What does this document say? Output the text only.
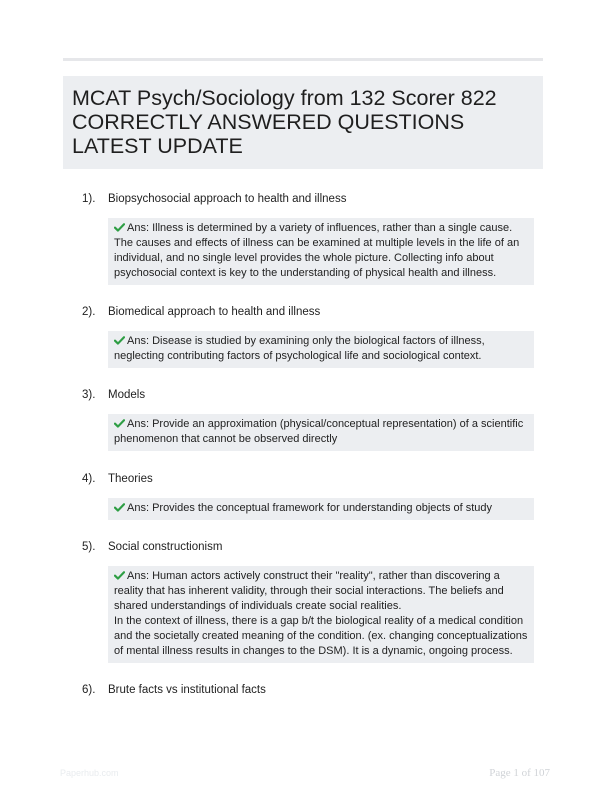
MCAT Psych/Sociology from 132 Scorer 822 CORRECTLY ANSWERED QUESTIONS LATEST UPDATE
1). Biopsychosocial approach to health and illness
Ans: Illness is determined by a variety of influences, rather than a single cause. The causes and effects of illness can be examined at multiple levels in the life of an individual, and no single level provides the whole picture. Collecting info about psychosocial context is key to the understanding of physical health and illness.
2). Biomedical approach to health and illness
Ans: Disease is studied by examining only the biological factors of illness, neglecting contributing factors of psychological life and sociological context.
3). Models
Ans: Provide an approximation (physical/conceptual representation) of a scientific phenomenon that cannot be observed directly
4). Theories
Ans: Provides the conceptual framework for understanding objects of study
5). Social constructionism
Ans: Human actors actively construct their "reality", rather than discovering a reality that has inherent validity, through their social interactions. The beliefs and shared understandings of individuals create social realities.
In the context of illness, there is a gap b/t the biological reality of a medical condition and the societally created meaning of the condition. (ex. changing conceptualizations of mental illness results in changes to the DSM). It is a dynamic, ongoing process.
6). Brute facts vs institutional facts
Paperhub.com	Page 1 of 107
